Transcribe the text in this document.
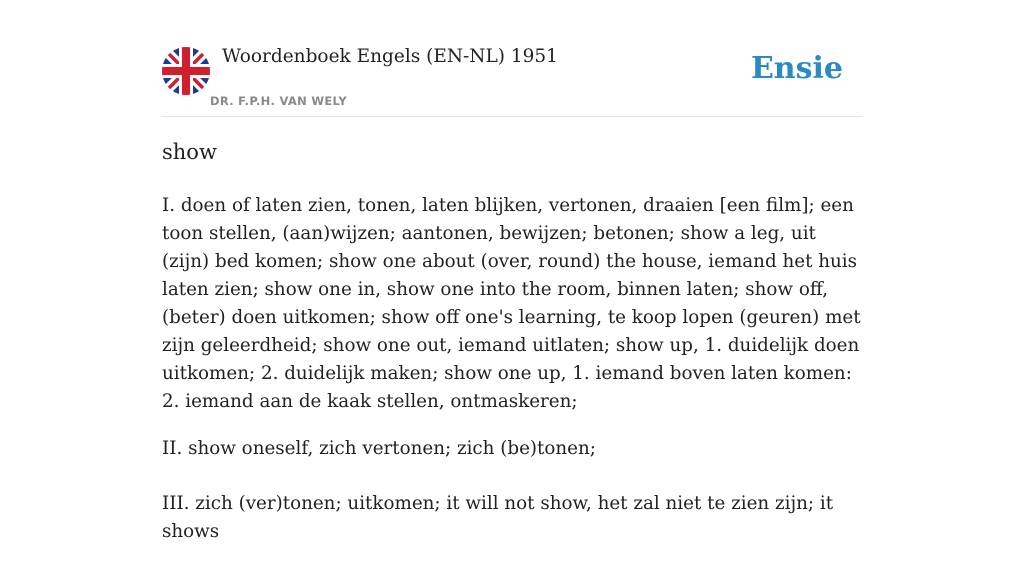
Woordenboek Engels (EN-NL) 1951
DR. F.P.H. VAN WELY
Ensie
show

I. doen of laten zien, tonen, laten blijken, vertonen, draaien [een film]; een toon stellen, (aan)wijzen; aantonen, bewijzen; betonen; show a leg, uit (zijn) bed komen; show one about (over, round) the house, iemand het huis laten zien; show one in, show one into the room, binnen laten; show off, (beter) doen uitkomen; show off one's learning, te koop lopen (geuren) met zijn geleerdheid; show one out, iemand uitlaten; show up, 1. duidelijk doen uitkomen; 2. duidelijk maken; show one up, 1. iemand boven laten komen: 2. iemand aan de kaak stellen, ontmaskeren;

II. show oneself, zich vertonen; zich (be)tonen;

III. zich (ver)tonen; uitkomen; it will not show, het zal niet te zien zijn; it shows
